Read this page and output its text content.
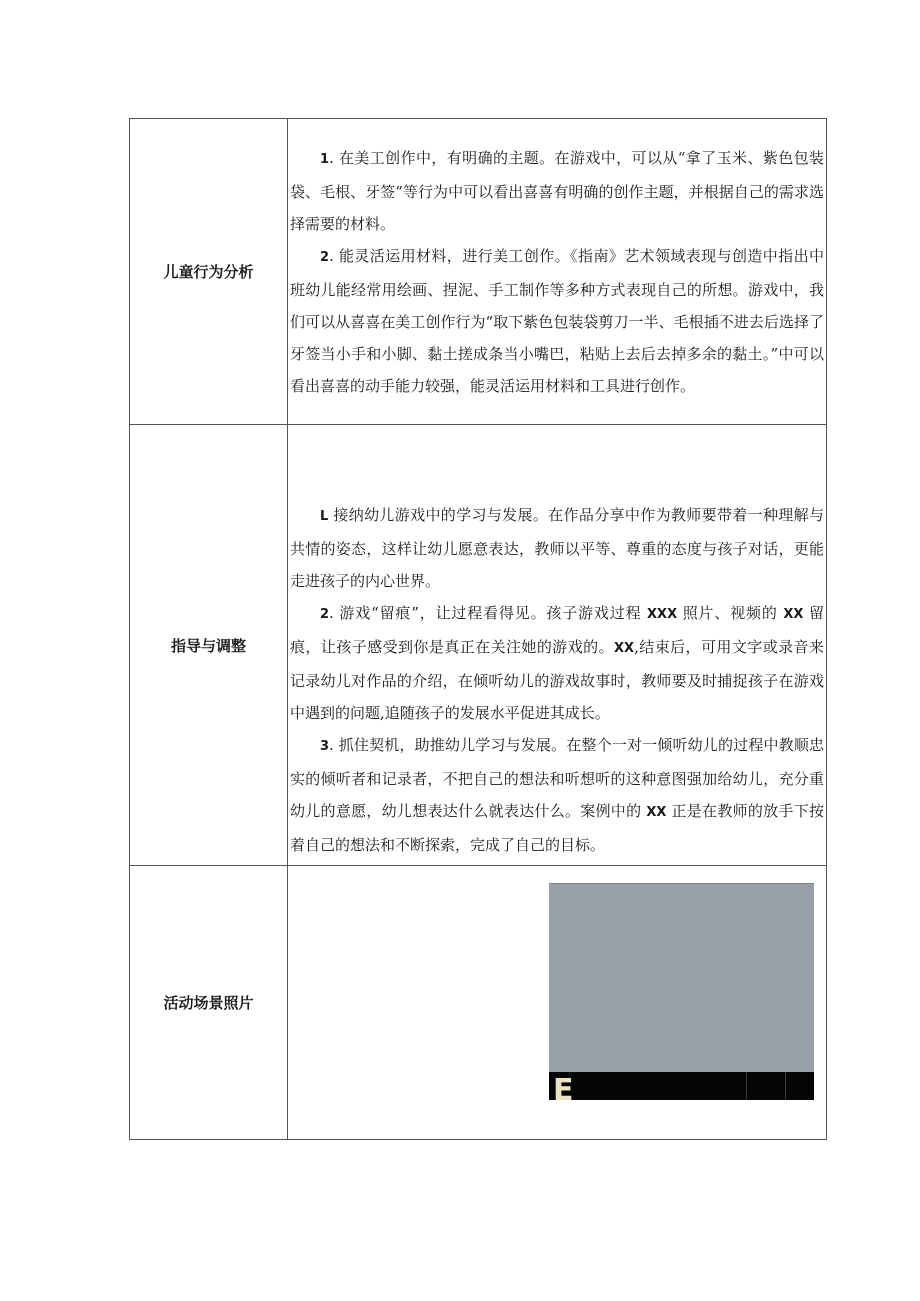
儿童行为分析	1. 在美工创作中，有明确的主题。在游戏中，可以从“拿了玉米、紫色包装袋、毛根、牙签”等行为中可以看出喜喜有明确的创作主题，并根据自己的需求选择需要的材料。

2. 能灵活运用材料，进行美工创作。《指南》艺术领域表现与创造中指出中班幼儿能经常用绘画、捏泥、手工制作等多种方式表现自己的所想。游戏中，我们可以从喜喜在美工创作行为“取下紫色包装袋剪刀一半、毛根插不进去后选择了牙签当小手和小脚、黏土搓成条当小嘴巴，粘贴上去后去掉多余的黏土。”中可以看出喜喜的动手能力较强，能灵活运用材料和工具进行创作。

指导与调整	L 接纳幼儿游戏中的学习与发展。在作品分享中作为教师要带着一种理解与共情的姿态，这样让幼儿愿意表达，教师以平等、尊重的态度与孩子对话，更能走进孩子的内心世界。

2. 游戏“留痕”，让过程看得见。孩子游戏过程 XXX 照片、视频的 XX 留痕，让孩子感受到你是真正在关注她的游戏的。XX,结束后，可用文字或录音来记录幼儿对作品的介绍，在倾听幼儿的游戏故事时，教师要及时捕捉孩子在游戏中遇到的问题,追随孩子的发展水平促进其成长。

3. 抓住契机，助推幼儿学习与发展。在整个一对一倾听幼儿的过程中教顺忠实的倾听者和记录者，不把自己的想法和听想听的这种意图强加给幼儿，充分重幼儿的意愿，幼儿想表达什么就表达什么。案例中的 XX 正是在教师的放手下按着自己的想法和不断探索，完成了自己的目标。

活动场景照片	E
